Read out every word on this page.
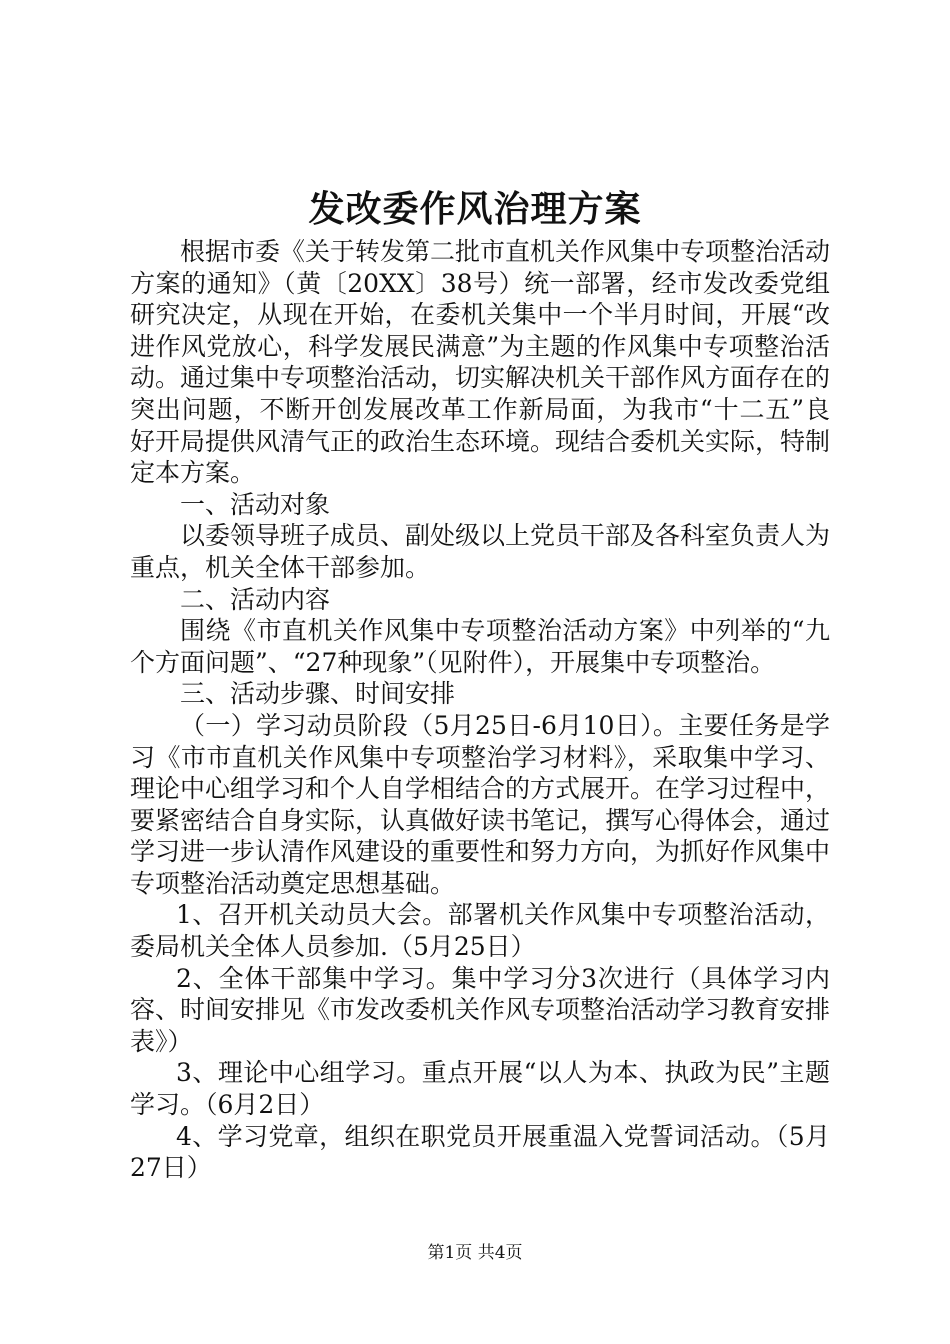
发改委作风治理方案

根据市委《关于转发第二批市直机关作风集中专项整治活动方案的通知》（黄〔20XX〕38号）统一部署，经市发改委党组研究决定，从现在开始，在委机关集中一个半月时间，开展“改进作风党放心，科学发展民满意”为主题的作风集中专项整治活动。通过集中专项整治活动，切实解决机关干部作风方面存在的突出问题，不断开创发展改革工作新局面，为我市“十二五”良好开局提供风清气正的政治生态环境。现结合委机关实际，特制定本方案。

一、活动对象

以委领导班子成员、副处级以上党员干部及各科室负责人为重点，机关全体干部参加。

二、活动内容

围绕《市直机关作风集中专项整治活动方案》中列举的“九个方面问题”、“27种现象”（见附件），开展集中专项整治。

三、活动步骤、时间安排

（一）学习动员阶段（5月25日-6月10日）。主要任务是学习《市市直机关作风集中专项整治学习材料》，采取集中学习、理论中心组学习和个人自学相结合的方式展开。在学习过程中，要紧密结合自身实际，认真做好读书笔记，撰写心得体会，通过学习进一步认清作风建设的重要性和努力方向，为抓好作风集中专项整治活动奠定思想基础。

1、召开机关动员大会。部署机关作风集中专项整治活动，委局机关全体人员参加.（5月25日）

2、全体干部集中学习。集中学习分3次进行（具体学习内容、时间安排见《市发改委机关作风专项整治活动学习教育安排表》）

3、理论中心组学习。重点开展“以人为本、执政为民”主题学习。（6月2日）

4、学习党章，组织在职党员开展重温入党誓词活动。（5月27日）

第1页 共4页
